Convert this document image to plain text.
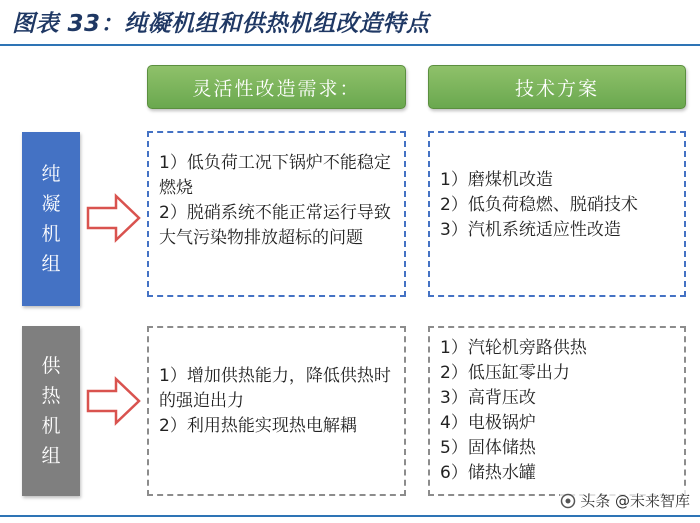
图表 33：纯凝机组和供热机组改造特点
灵活性改造需求：	技术方案
纯凝机组

1）低负荷工况下锅炉不能稳定燃烧

2）脱硝系统不能正常运行导致大气污染物排放超标的问题

1）磨煤机改造

2）低负荷稳燃、脱硝技术

3）汽机系统适应性改造

供热机组

1）增加供热能力，降低供热时的强迫出力

2）利用热能实现热电解耦

1）汽轮机旁路供热

2）低压缸零出力

3）高背压改

4）电极锅炉

5）固体储热

6）储热水罐

头条 @未来智库
